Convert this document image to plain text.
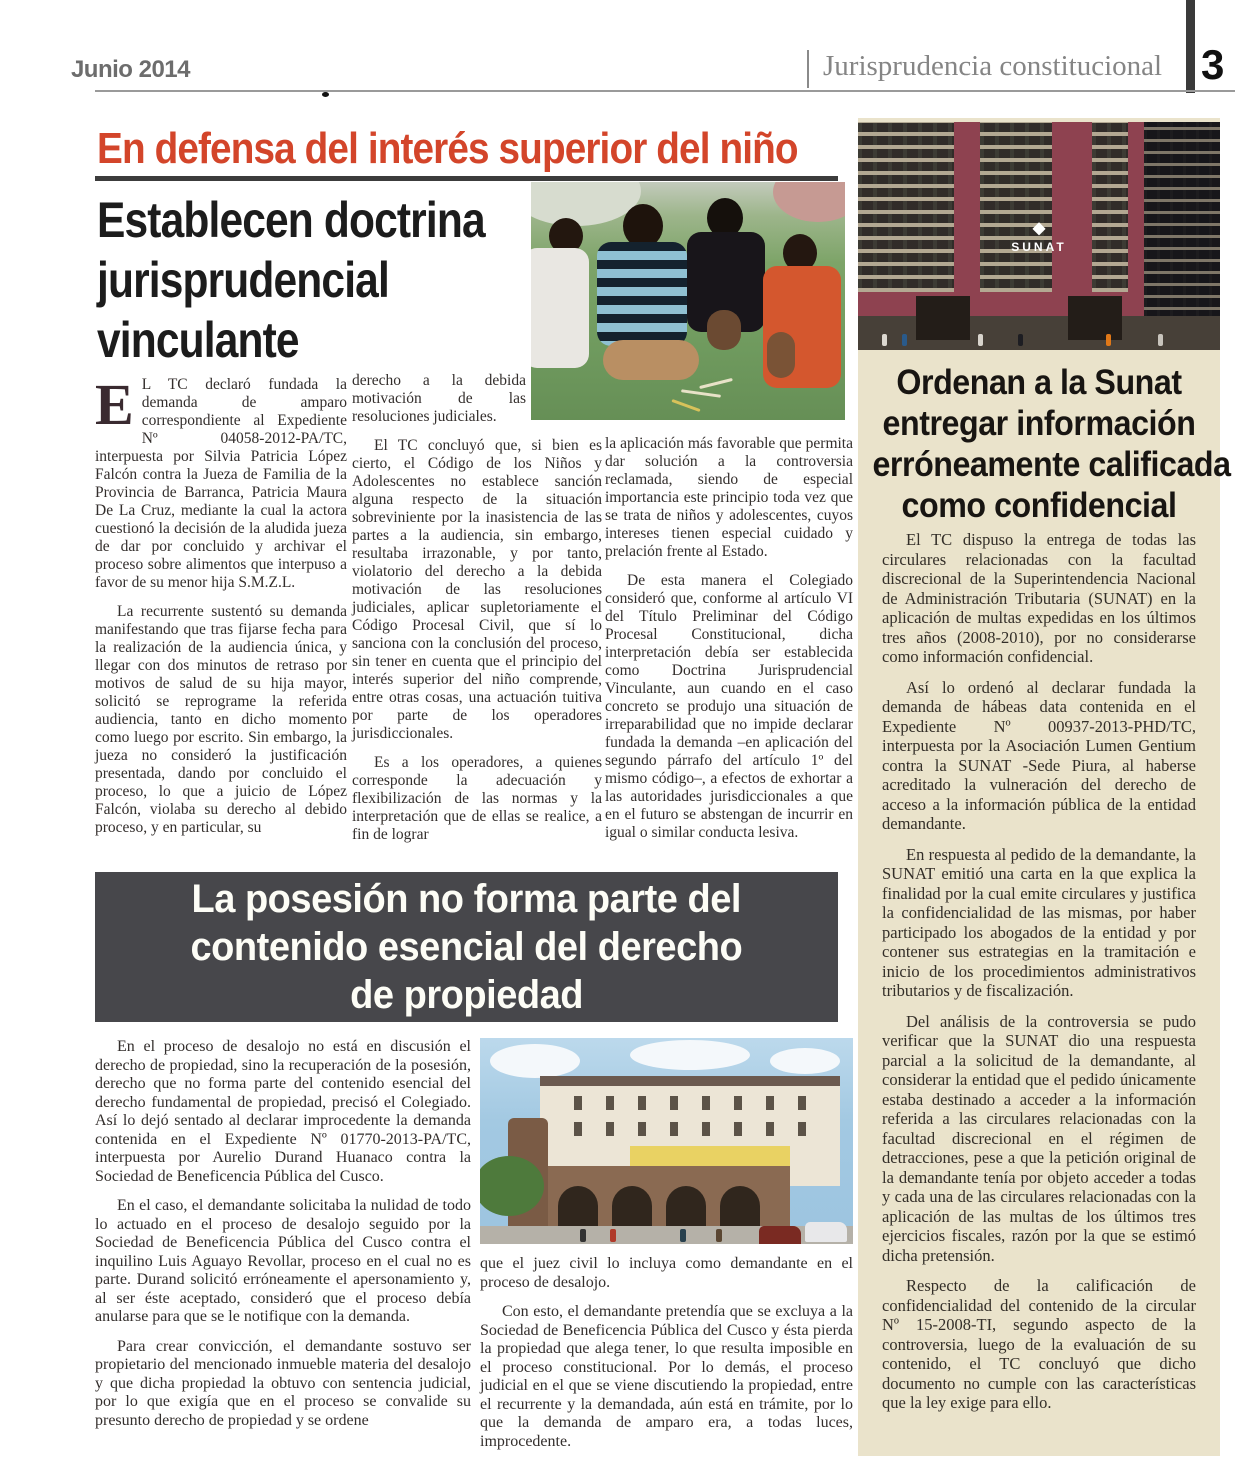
Junio 2014	Jurisprudencia constitucional 3
En defensa del interés superior del niño
Establecen doctrina
jurisprudencial
vinculante

E L TC declaró fundada la demanda de amparo correspondiente al Expediente Nº 04058-2012-PA/TC, interpuesta por Silvia Patricia López Falcón contra la Jueza de Familia de la Provincia de Barranca, Patricia Maura De La Cruz, mediante la cual la actora cuestionó la decisión de la aludida jueza de dar por concluido y archivar el proceso sobre alimentos que interpuso a favor de su menor hija S.M.Z.L.

La recurrente sustentó su demanda manifestando que tras fijarse fecha para la realización de la audiencia única, y llegar con dos minutos de retraso por motivos de salud de su hija mayor, solicitó se reprograme la referida audiencia, tanto en dicho momento como luego por escrito. Sin embargo, la jueza no consideró la justificación presentada, dando por concluido el proceso, lo que a juicio de López Falcón, violaba su derecho al debido proceso, y en particular, su

derecho a la debida motivación de las resoluciones judiciales.

El TC concluyó que, si bien es cierto, el Código de los Niños y Adolescentes no establece sanción alguna respecto de la situación sobreviniente por la inasistencia de las partes a la audiencia, sin embargo, resultaba irrazonable, y por tanto, violatorio del derecho a la debida motivación de las resoluciones judiciales, aplicar supletoriamente el Código Procesal Civil, que sí lo sanciona con la conclusión del proceso, sin tener en cuenta que el principio del interés superior del niño comprende, entre otras cosas, una actuación tuitiva por parte de los operadores jurisdiccionales.

Es a los operadores, a quienes corresponde la adecuación y flexibilización de las normas y la interpretación que de ellas se realice, a fin de lograr

la aplicación más favorable que permita dar solución a la controversia reclamada, siendo de especial importancia este principio toda vez que se trata de niños y adolescentes, cuyos intereses tienen especial cuidado y prelación frente al Estado.

De esta manera el Colegiado consideró que, conforme al artículo VI del Título Preliminar del Código Procesal Constitucional, dicha interpretación debía ser establecida como Doctrina Jurisprudencial Vinculante, aun cuando en el caso concreto se produjo una situación de irreparabilidad que no impide declarar fundada la demanda –en aplicación del segundo párrafo del artículo 1º del mismo código–, a efectos de exhortar a las autoridades jurisdiccionales a que en el futuro se abstengan de incurrir en igual o similar conducta lesiva.

La posesión no forma parte del
contenido esencial del derecho
de propiedad

En el proceso de desalojo no está en discusión el derecho de propiedad, sino la recuperación de la posesión, derecho que no forma parte del contenido esencial del derecho fundamental de propiedad, precisó el Colegiado. Así lo dejó sentado al declarar improcedente la demanda contenida en el Expediente Nº 01770-2013-PA/TC, interpuesta por Aurelio Durand Huanaco contra la Sociedad de Beneficencia Pública del Cusco.

En el caso, el demandante solicitaba la nulidad de todo lo actuado en el proceso de desalojo seguido por la Sociedad de Beneficencia Pública del Cusco contra el inquilino Luis Aguayo Revollar, proceso en el cual no es parte. Durand solicitó erróneamente el apersonamiento y, al ser éste aceptado, consideró que el proceso debía anularse para que se le notifique con la demanda.

Para crear convicción, el demandante sostuvo ser propietario del mencionado inmueble materia del desalojo y que dicha propiedad la obtuvo con sentencia judicial, por lo que exigía que en el proceso se convalide su presunto derecho de propiedad y se ordene

que el juez civil lo incluya como demandante en el proceso de desalojo.

Con esto, el demandante pretendía que se excluya a la Sociedad de Beneficencia Pública del Cusco y ésta pierda la propiedad que alega tener, lo que resulta imposible en el proceso constitucional. Por lo demás, el proceso judicial en el que se viene discutiendo la propiedad, entre el recurrente y la demandada, aún está en trámite, por lo que la demanda de amparo era, a todas luces, improcedente.

◆
SUNAT
Ordenan a la Sunat
entregar información
erróneamente calificada
como confidencial

El TC dispuso la entrega de todas las circulares relacionadas con la facultad discrecional de la Superintendencia Nacional de Administración Tributaria (SUNAT) en la aplicación de multas expedidas en los últimos tres años (2008-2010), por no considerarse como información confidencial.

Así lo ordenó al declarar fundada la demanda de hábeas data contenida en el Expediente Nº 00937-2013-PHD/TC, interpuesta por la Asociación Lumen Gentium contra la SUNAT -Sede Piura, al haberse acreditado la vulneración del derecho de acceso a la información pública de la entidad demandante.

En respuesta al pedido de la demandante, la SUNAT emitió una carta en la que explica la finalidad por la cual emite circulares y justifica la confidencialidad de las mismas, por haber participado los abogados de la entidad y por contener sus estrategias en la tramitación e inicio de los procedimientos administrativos tributarios y de fiscalización.

Del análisis de la controversia se pudo verificar que la SUNAT dio una respuesta parcial a la solicitud de la demandante, al considerar la entidad que el pedido únicamente estaba destinado a acceder a la información referida a las circulares relacionadas con la facultad discrecional en el régimen de detracciones, pese a que la petición original de la demandante tenía por objeto acceder a todas y cada una de las circulares relacionadas con la aplicación de las multas de los últimos tres ejercicios fiscales, razón por la que se estimó dicha pretensión.

Respecto de la calificación de confidencialidad del contenido de la circular Nº 15-2008-TI, segundo aspecto de la controversia, luego de la evaluación de su contenido, el TC concluyó que dicho documento no cumple con las características que la ley exige para ello.
